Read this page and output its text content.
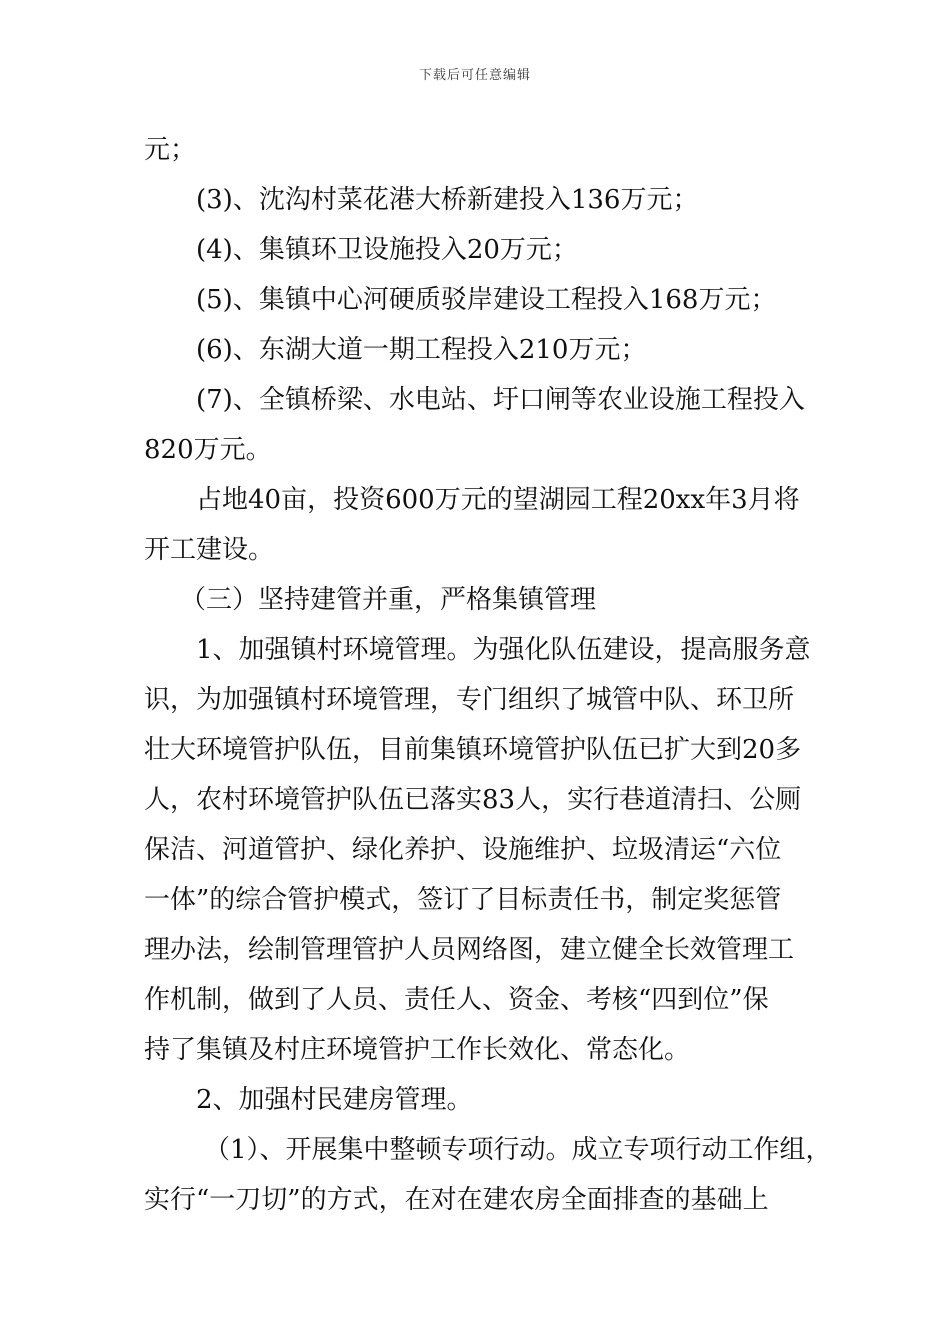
下载后可任意编辑
元；
(3)、沈沟村菜花港大桥新建投入136万元；
(4)、集镇环卫设施投入20万元；
(5)、集镇中心河硬质驳岸建设工程投入168万元；
(6)、东湖大道一期工程投入210万元；
(7)、全镇桥梁、水电站、圩口闸等农业设施工程投入
820万元。
占地40亩，投资600万元的望湖园工程20xx年3月将
开工建设。
（三）坚持建管并重，严格集镇管理
1、加强镇村环境管理。为强化队伍建设，提高服务意
识，为加强镇村环境管理，专门组织了城管中队、环卫所
壮大环境管护队伍，目前集镇环境管护队伍已扩大到20多
人，农村环境管护队伍已落实83人，实行巷道清扫、公厕
保洁、河道管护、绿化养护、设施维护、垃圾清运“六位
一体”的综合管护模式，签订了目标责任书，制定奖惩管
理办法，绘制管理管护人员网络图，建立健全长效管理工
作机制，做到了人员、责任人、资金、考核“四到位”保
持了集镇及村庄环境管护工作长效化、常态化。
2、加强村民建房管理。
（1）、开展集中整顿专项行动。成立专项行动工作组，
实行“一刀切”的方式，在对在建农房全面排查的基础上
